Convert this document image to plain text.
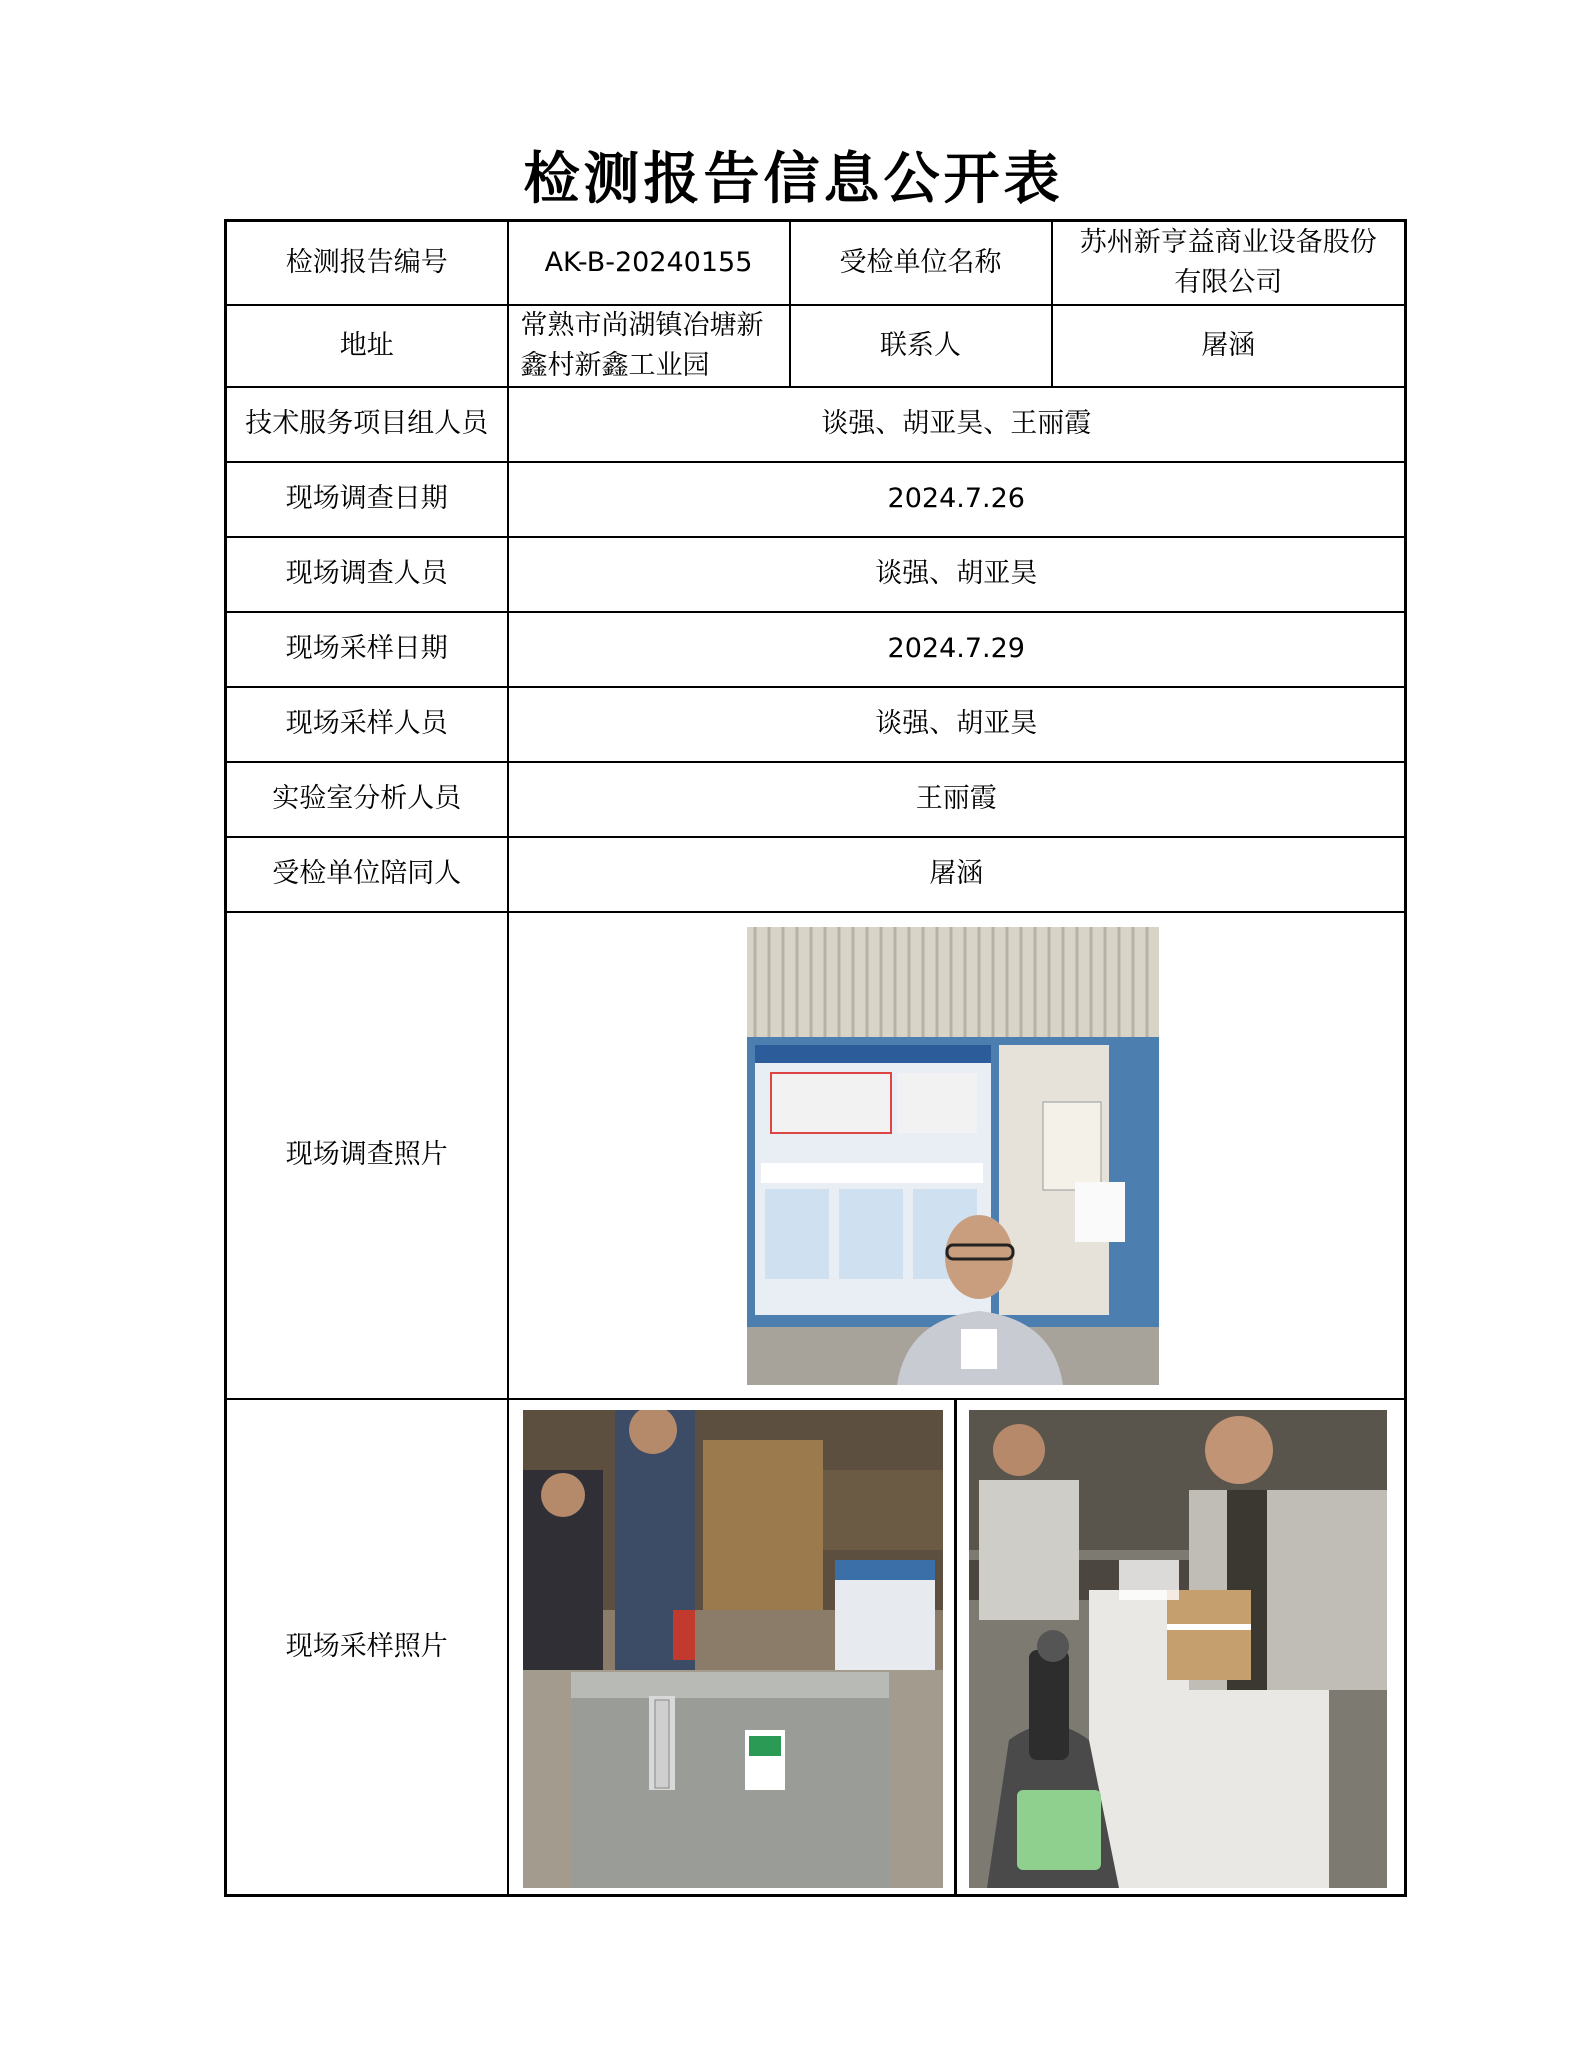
检测报告信息公开表
检测报告编号	AK-B-20240155	受检单位名称	苏州新亨益商业设备股份有限公司
地址	常熟市尚湖镇冶塘新鑫村新鑫工业园	联系人	屠涵
技术服务项目组人员	谈强、胡亚昊、王丽霞		
现场调查日期	2024.7.26		
现场调查人员	谈强、胡亚昊		
现场采样日期	2024.7.29		
现场采样人员	谈强、胡亚昊		
实验室分析人员	王丽霞		
受检单位陪同人	屠涵		
现场调查照片	

现场采样照片	
